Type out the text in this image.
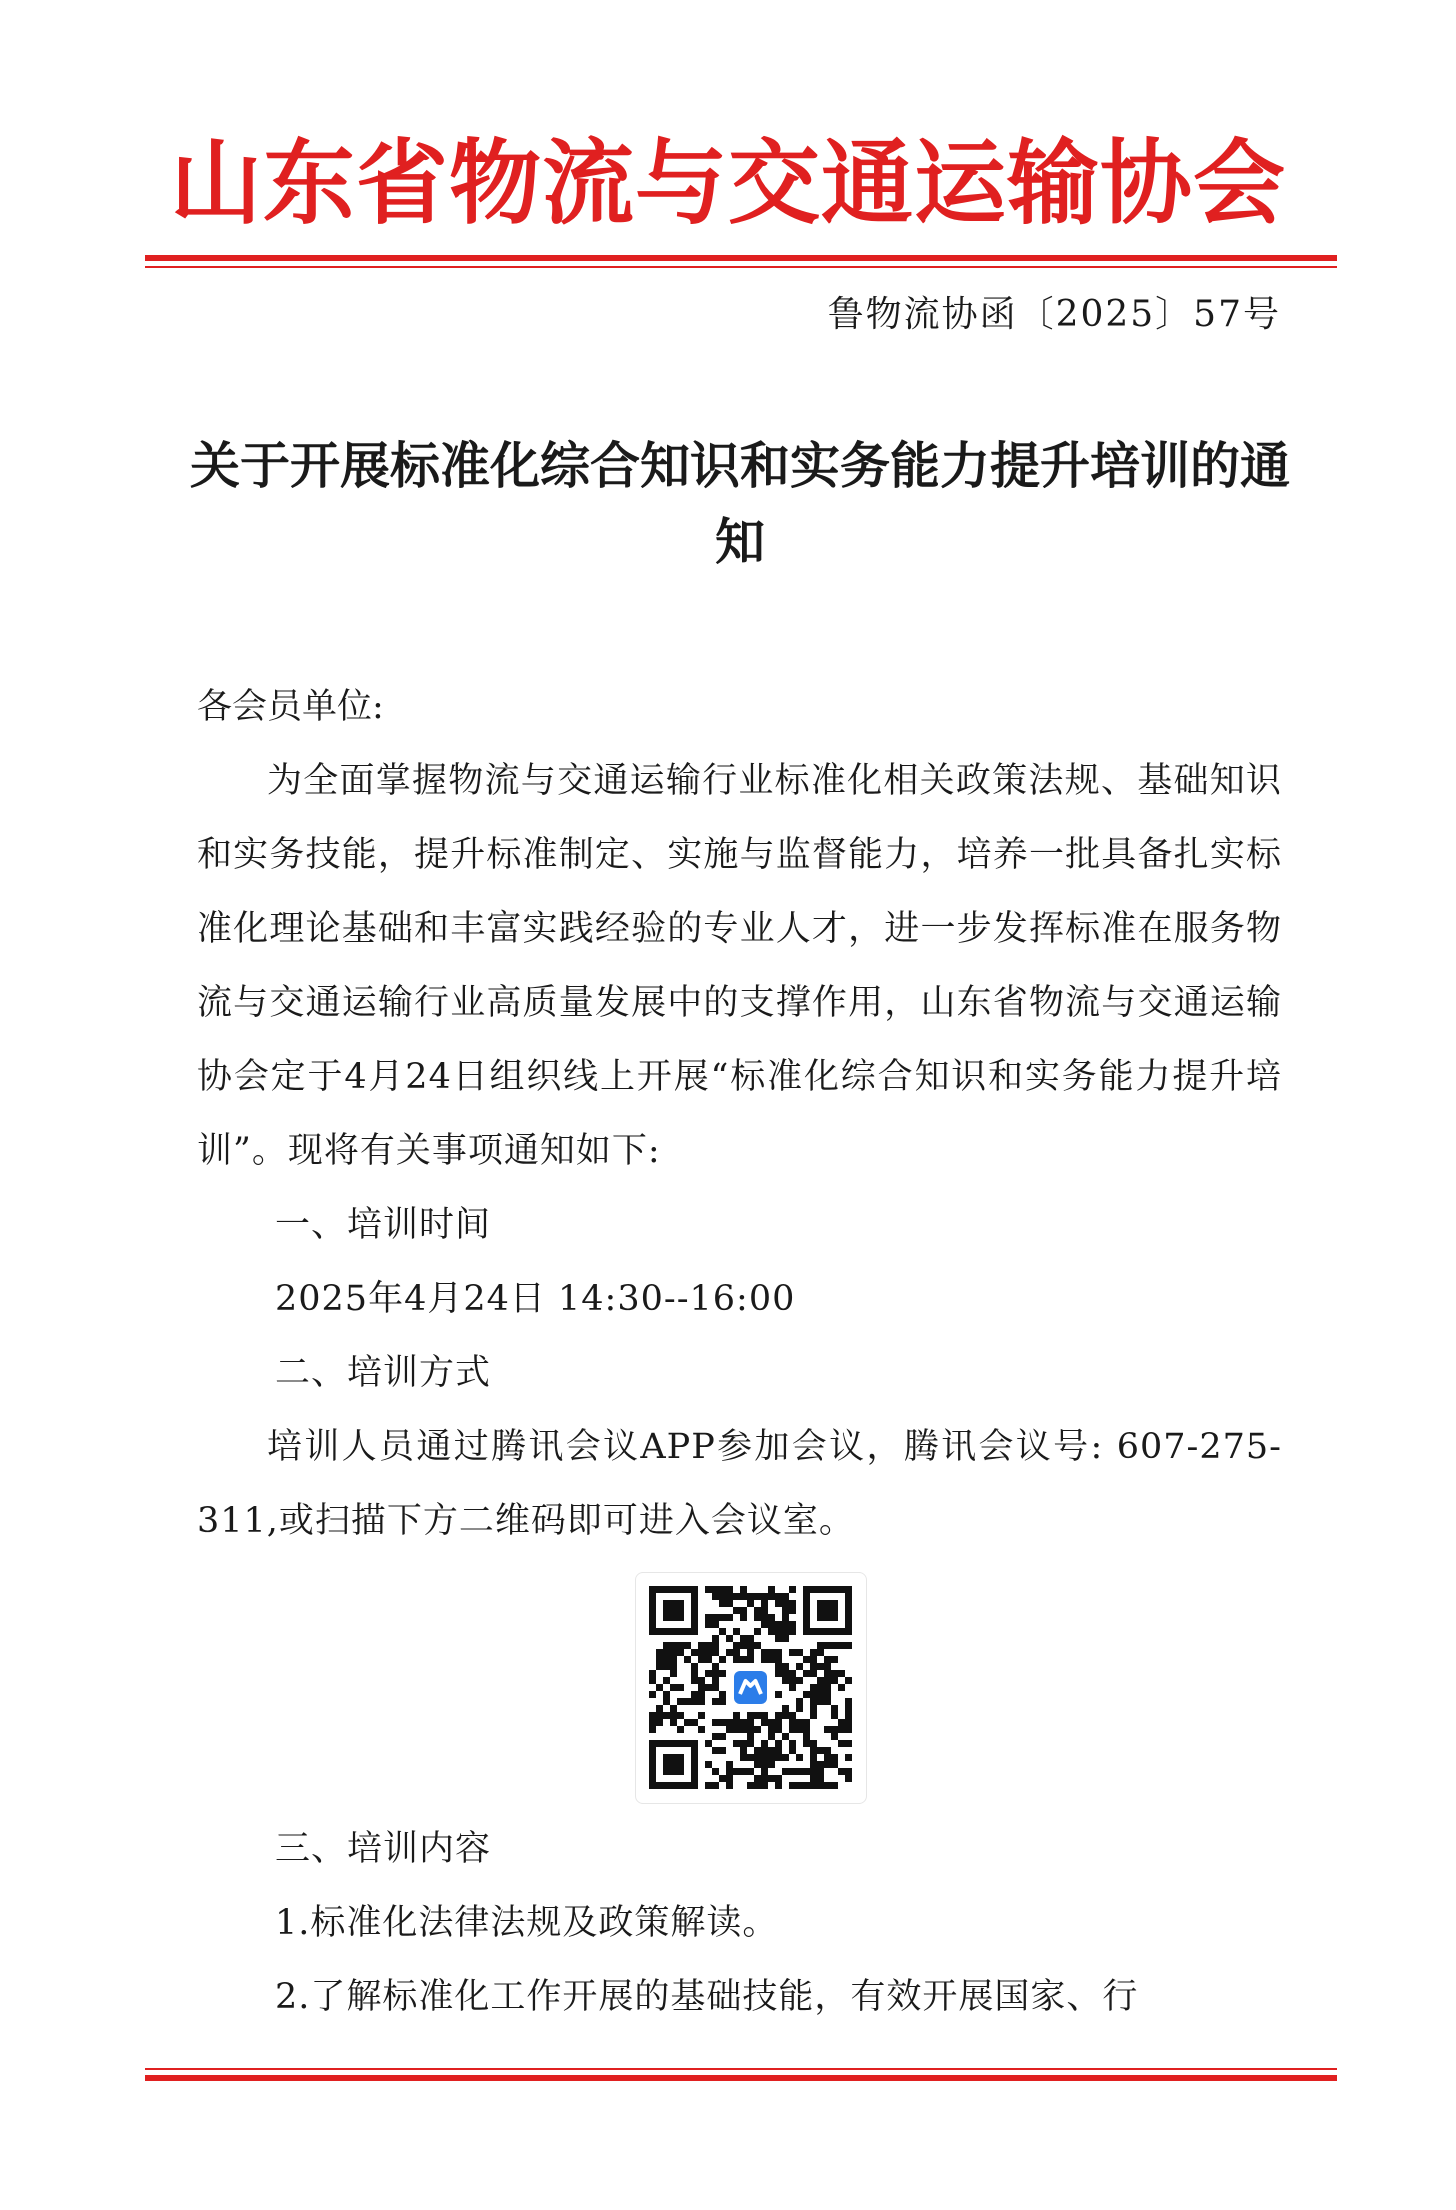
山东省物流与交通运输协会
鲁物流协函〔2025〕57号
关于开展标准化综合知识和实务能力提升培训的通知
各会员单位:

为全面掌握物流与交通运输行业标准化相关政策法规、基础知识和实务技能，提升标准制定、实施与监督能力，培养一批具备扎实标准化理论基础和丰富实践经验的专业人才，进一步发挥标准在服务物流与交通运输行业高质量发展中的支撑作用，山东省物流与交通运输协会定于4月24日组织线上开展“标准化综合知识和实务能力提升培训”。现将有关事项通知如下:

一、培训时间

2025年4月24日 14:30--16:00

二、培训方式

培训人员通过腾讯会议APP参加会议，腾讯会议号: 607-275-311,或扫描下方二维码即可进入会议室。

三、培训内容

1.标准化法律法规及政策解读。

2.了解标准化工作开展的基础技能，有效开展国家、行
